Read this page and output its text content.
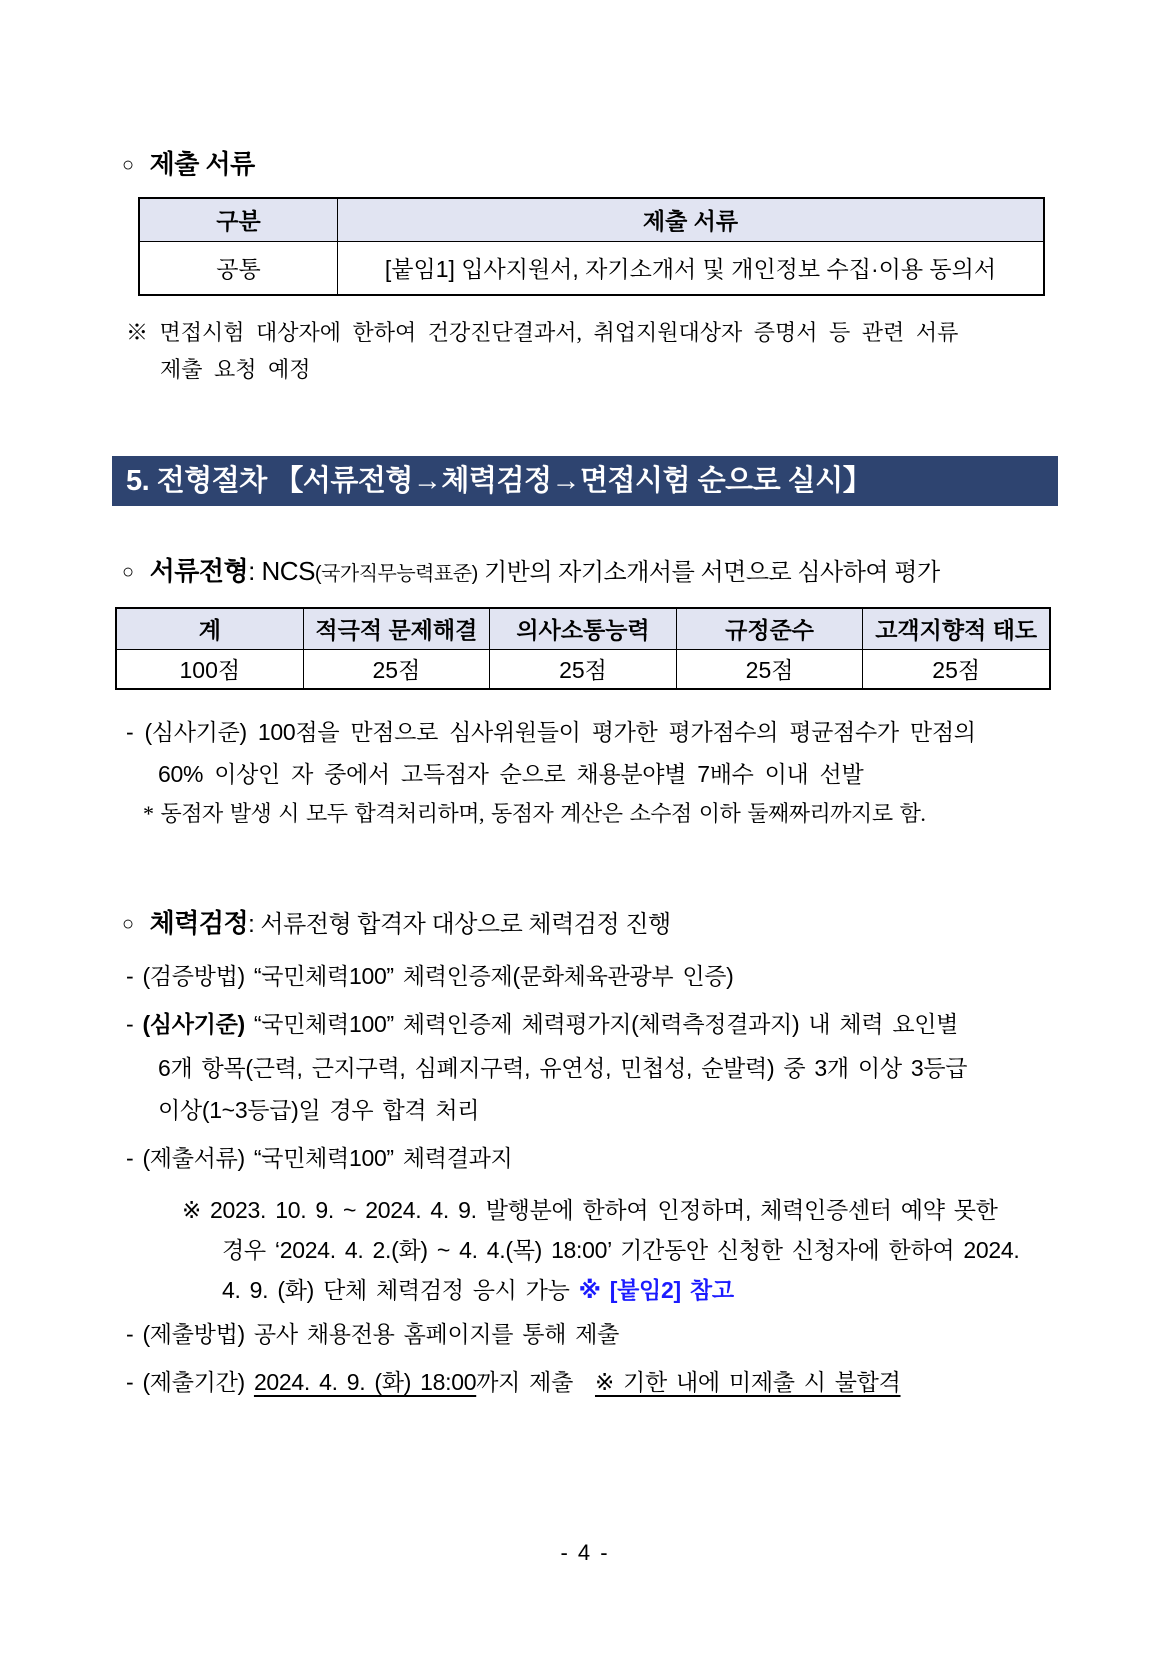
○ 제출 서류
구분	제출 서류
공통	[붙임1] 입사지원서, 자기소개서 및 개인정보 수집·이용 동의서
※ 면접시험 대상자에 한하여 건강진단결과서, 취업지원대상자 증명서 등 관련 서류
제출 요청 예정
5. 전형절차 【서류전형→체력검정→면접시험 순으로 실시】
○ 서류전형: NCS(국가직무능력표준) 기반의 자기소개서를 서면으로 심사하여 평가
계	적극적 문제해결	의사소통능력	규정준수	고객지향적 태도
100점	25점	25점	25점	25점
- (심사기준) 100점을 만점으로 심사위원들이 평가한 평가점수의 평균점수가 만점의
60% 이상인 자 중에서 고득점자 순으로 채용분야별 7배수 이내 선발
* 동점자 발생 시 모두 합격처리하며, 동점자 계산은 소수점 이하 둘째짜리까지로 함.
○ 체력검정: 서류전형 합격자 대상으로 체력검정 진행
- (검증방법) “국민체력100” 체력인증제(문화체육관광부 인증)
- (심사기준) “국민체력100” 체력인증제 체력평가지(체력측정결과지) 내 체력 요인별
6개 항목(근력, 근지구력, 심폐지구력, 유연성, 민첩성, 순발력) 중 3개 이상 3등급
이상(1~3등급)일 경우 합격 처리
- (제출서류) “국민체력100” 체력결과지
※ 2023. 10. 9. ~ 2024. 4. 9. 발행분에 한하여 인정하며, 체력인증센터 예약 못한
경우 ‘2024. 4. 2.(화) ~ 4. 4.(목) 18:00’ 기간동안 신청한 신청자에 한하여 2024.
4. 9. (화) 단체 체력검정 응시 가능 ※ [붙임2] 참고
- (제출방법) 공사 채용전용 홈페이지를 통해 제출
- (제출기간) 2024. 4. 9. (화) 18:00까지 제출 ※ 기한 내에 미제출 시 불합격
- 4 -
